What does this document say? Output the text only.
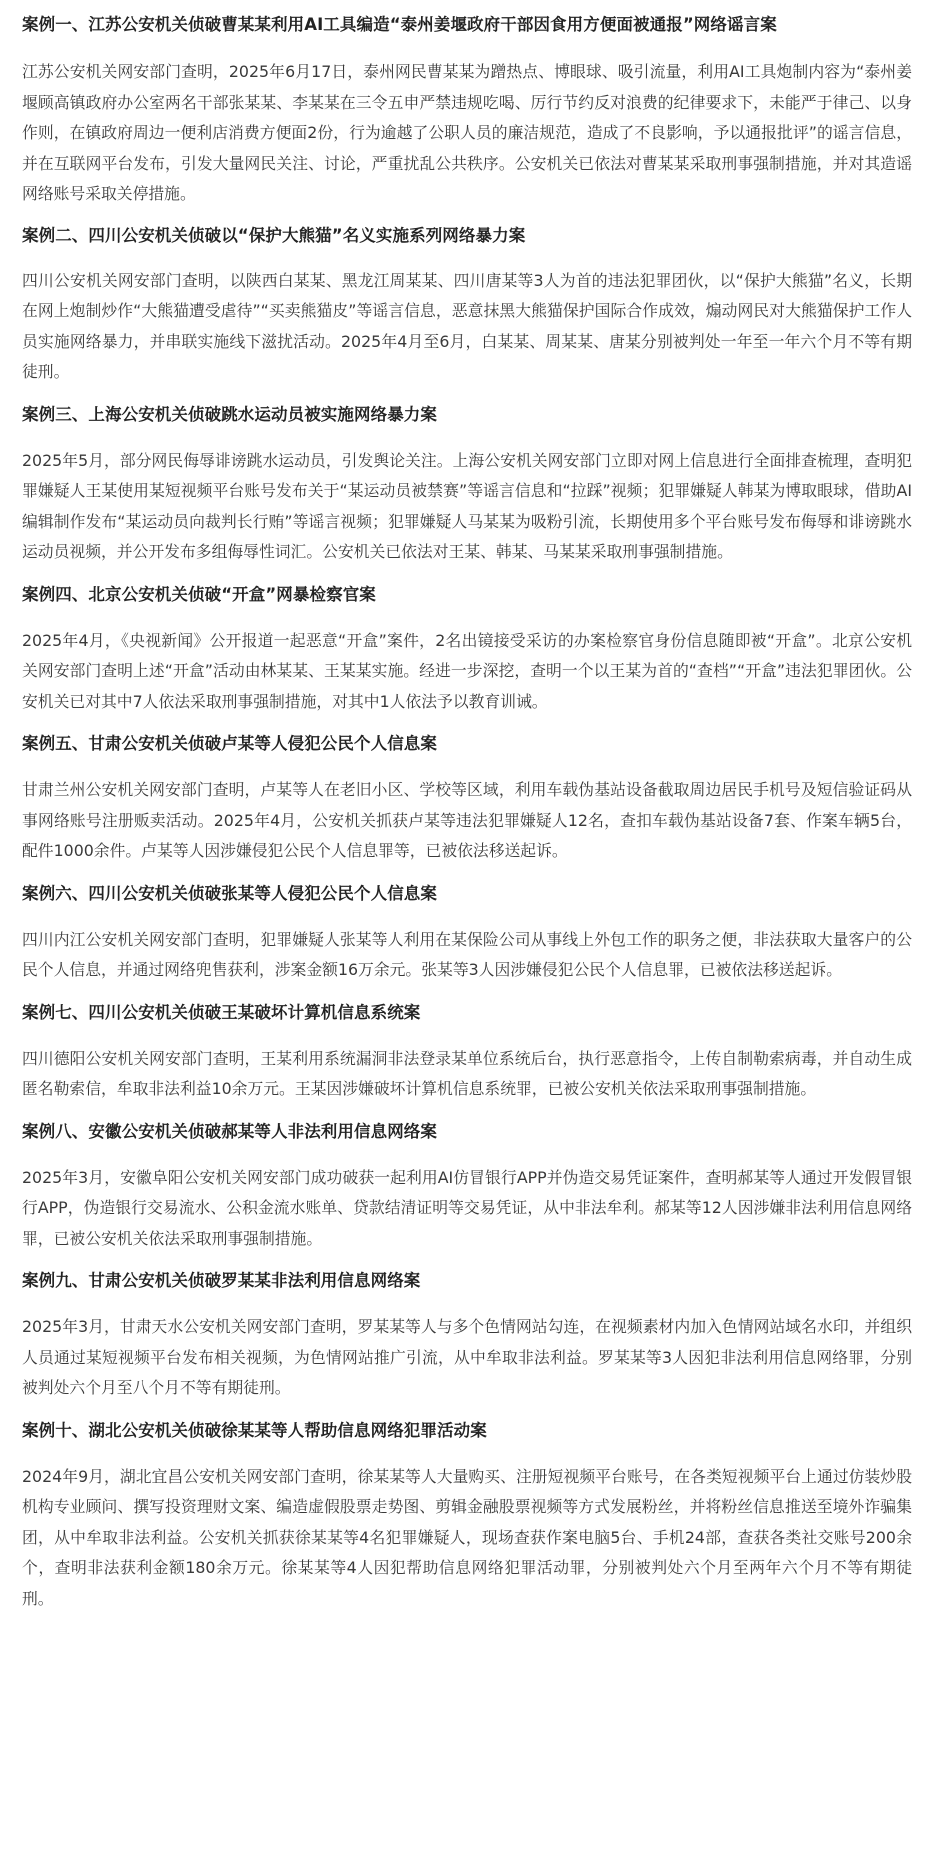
案例一、江苏公安机关侦破曹某某利用AI工具编造“泰州姜堰政府干部因食用方便面被通报”网络谣言案

江苏公安机关网安部门查明，2025年6月17日，泰州网民曹某某为蹭热点、博眼球、吸引流量，利用AI工具炮制内容为“泰州姜堰顾高镇政府办公室两名干部张某某、李某某在三令五申严禁违规吃喝、厉行节约反对浪费的纪律要求下，未能严于律己、以身作则，在镇政府周边一便利店消费方便面2份，行为逾越了公职人员的廉洁规范，造成了不良影响，予以通报批评”的谣言信息，并在互联网平台发布，引发大量网民关注、讨论，严重扰乱公共秩序。公安机关已依法对曹某某采取刑事强制措施，并对其造谣网络账号采取关停措施。

案例二、四川公安机关侦破以“保护大熊猫”名义实施系列网络暴力案

四川公安机关网安部门查明，以陕西白某某、黑龙江周某某、四川唐某等3人为首的违法犯罪团伙，以“保护大熊猫”名义，长期在网上炮制炒作“大熊猫遭受虐待”“买卖熊猫皮”等谣言信息，恶意抹黑大熊猫保护国际合作成效，煽动网民对大熊猫保护工作人员实施网络暴力，并串联实施线下滋扰活动。2025年4月至6月，白某某、周某某、唐某分别被判处一年至一年六个月不等有期徒刑。

案例三、上海公安机关侦破跳水运动员被实施网络暴力案

2025年5月，部分网民侮辱诽谤跳水运动员，引发舆论关注。上海公安机关网安部门立即对网上信息进行全面排查梳理，查明犯罪嫌疑人王某使用某短视频平台账号发布关于“某运动员被禁赛”等谣言信息和“拉踩”视频；犯罪嫌疑人韩某为博取眼球，借助AI编辑制作发布“某运动员向裁判长行贿”等谣言视频；犯罪嫌疑人马某某为吸粉引流，长期使用多个平台账号发布侮辱和诽谤跳水运动员视频，并公开发布多组侮辱性词汇。公安机关已依法对王某、韩某、马某某采取刑事强制措施。

案例四、北京公安机关侦破“开盒”网暴检察官案

2025年4月，《央视新闻》公开报道一起恶意“开盒”案件，2名出镜接受采访的办案检察官身份信息随即被“开盒”。北京公安机关网安部门查明上述“开盒”活动由林某某、王某某实施。经进一步深挖，查明一个以王某为首的“查档”“开盒”违法犯罪团伙。公安机关已对其中7人依法采取刑事强制措施，对其中1人依法予以教育训诫。

案例五、甘肃公安机关侦破卢某等人侵犯公民个人信息案

甘肃兰州公安机关网安部门查明，卢某等人在老旧小区、学校等区域，利用车载伪基站设备截取周边居民手机号及短信验证码从事网络账号注册贩卖活动。2025年4月，公安机关抓获卢某等违法犯罪嫌疑人12名，查扣车载伪基站设备7套、作案车辆5台，配件1000余件。卢某等人因涉嫌侵犯公民个人信息罪等，已被依法移送起诉。

案例六、四川公安机关侦破张某等人侵犯公民个人信息案

四川内江公安机关网安部门查明，犯罪嫌疑人张某等人利用在某保险公司从事线上外包工作的职务之便，非法获取大量客户的公民个人信息，并通过网络兜售获利，涉案金额16万余元。张某等3人因涉嫌侵犯公民个人信息罪，已被依法移送起诉。

案例七、四川公安机关侦破王某破坏计算机信息系统案

四川德阳公安机关网安部门查明，王某利用系统漏洞非法登录某单位系统后台，执行恶意指令，上传自制勒索病毒，并自动生成匿名勒索信，牟取非法利益10余万元。王某因涉嫌破坏计算机信息系统罪，已被公安机关依法采取刑事强制措施。

案例八、安徽公安机关侦破郝某等人非法利用信息网络案

2025年3月，安徽阜阳公安机关网安部门成功破获一起利用AI仿冒银行APP并伪造交易凭证案件，查明郝某等人通过开发假冒银行APP，伪造银行交易流水、公积金流水账单、贷款结清证明等交易凭证，从中非法牟利。郝某等12人因涉嫌非法利用信息网络罪，已被公安机关依法采取刑事强制措施。

案例九、甘肃公安机关侦破罗某某非法利用信息网络案

2025年3月，甘肃天水公安机关网安部门查明，罗某某等人与多个色情网站勾连，在视频素材内加入色情网站域名水印，并组织人员通过某短视频平台发布相关视频，为色情网站推广引流，从中牟取非法利益。罗某某等3人因犯非法利用信息网络罪，分别被判处六个月至八个月不等有期徒刑。

案例十、湖北公安机关侦破徐某某等人帮助信息网络犯罪活动案

2024年9月，湖北宜昌公安机关网安部门查明，徐某某等人大量购买、注册短视频平台账号，在各类短视频平台上通过仿装炒股机构专业顾问、撰写投资理财文案、编造虚假股票走势图、剪辑金融股票视频等方式发展粉丝，并将粉丝信息推送至境外诈骗集团，从中牟取非法利益。公安机关抓获徐某某等4名犯罪嫌疑人，现场查获作案电脑5台、手机24部，查获各类社交账号200余个，查明非法获利金额180余万元。徐某某等4人因犯帮助信息网络犯罪活动罪，分别被判处六个月至两年六个月不等有期徒刑。
